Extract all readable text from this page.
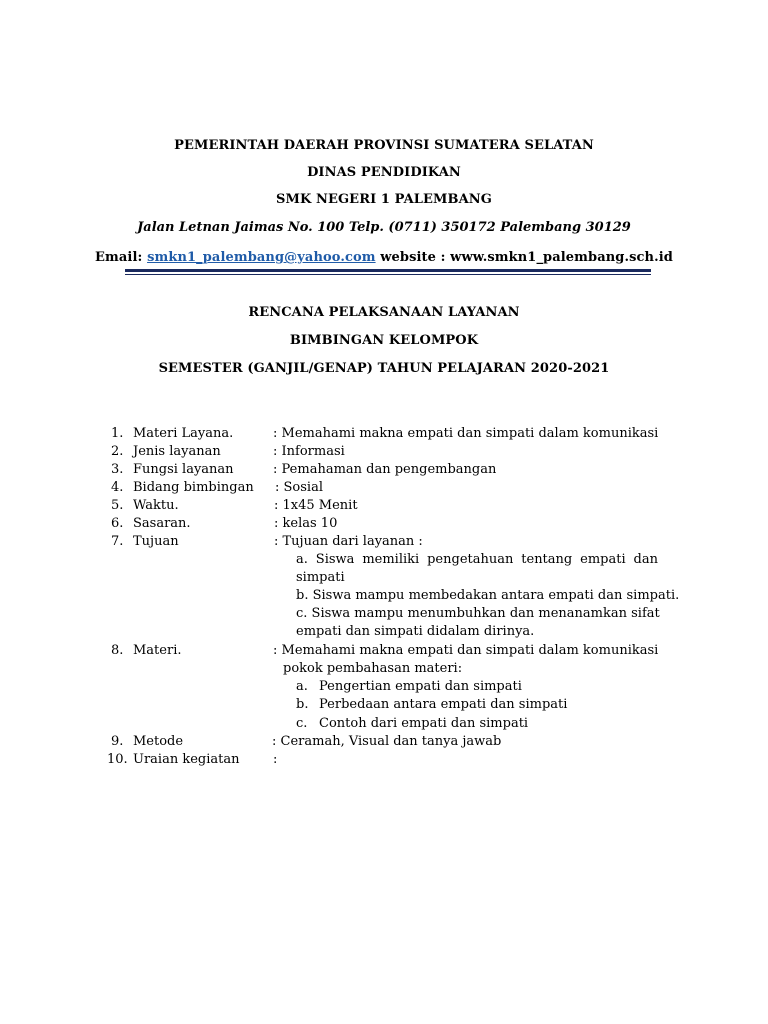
PEMERINTAH DAERAH PROVINSI SUMATERA SELATAN
DINAS PENDIDIKAN
SMK NEGERI 1 PALEMBANG
Jalan Letnan Jaimas No. 100 Telp. (0711) 350172 Palembang 30129
Email: smkn1_palembang@yahoo.com website : www.smkn1_palembang.sch.id
RENCANA PELAKSANAAN LAYANAN
BIMBINGAN KELOMPOK
SEMESTER (GANJIL/GENAP) TAHUN PELAJARAN 2020-2021
1. Materi Layana.	: Memahami makna empati dan simpati dalam komunikasi
2. Jenis layanan	: Informasi
3. Fungsi layanan	: Pemahaman dan pengembangan
4. Bidang bimbingan : Sosial
5. Waktu.	: 1x45 Menit
6. Sasaran.	: kelas 10
7. Tujuan	: Tujuan dari layanan :
a. Siswa memiliki pengetahuan tentang empati dan
simpati
b. Siswa mampu membedakan antara empati dan simpati.
c. Siswa mampu menumbuhkan dan menanamkan sifat
empati dan simpati didalam dirinya.
8. Materi.	: Memahami makna empati dan simpati dalam komunikasi
pokok pembahasan materi:
a. Pengertian empati dan simpati
b. Perbedaan antara empati dan simpati
c. Contoh dari empati dan simpati
9. Metode	: Ceramah, Visual dan tanya jawab
10. Uraian kegiatan	:
